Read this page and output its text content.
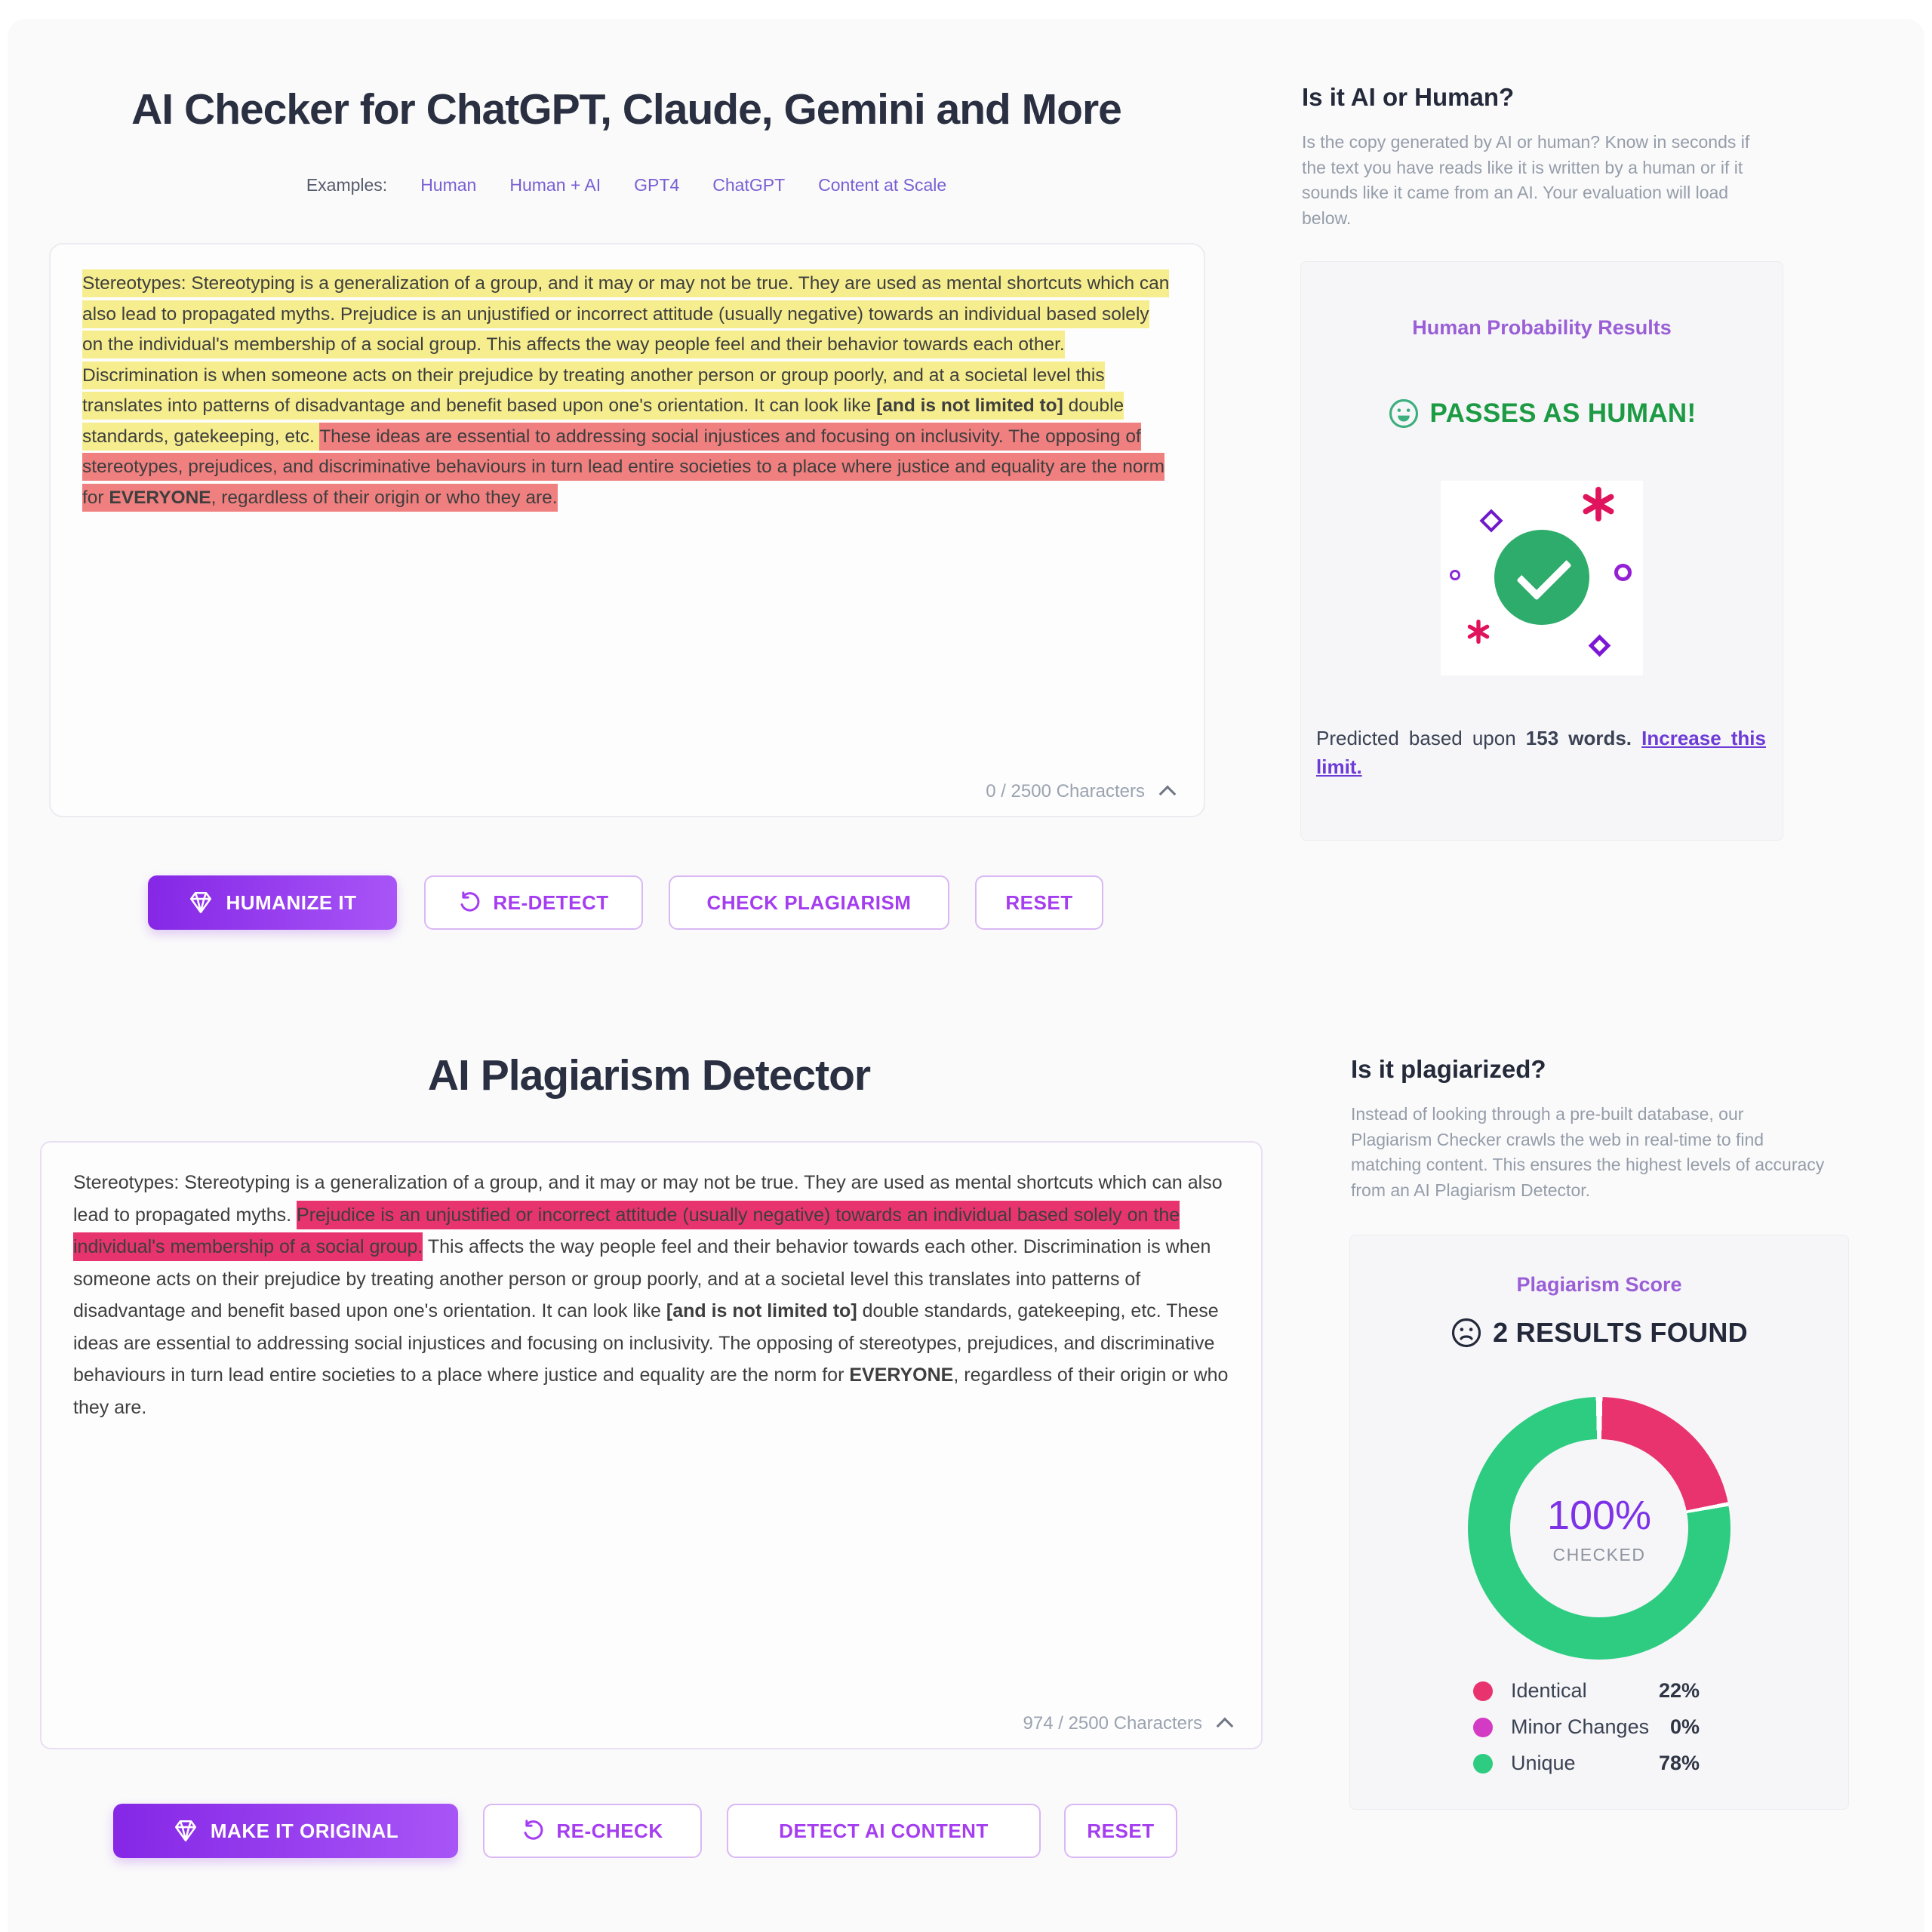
AI Checker for ChatGPT, Claude, Gemini and More
Examples: Human Human + AI GPT4 ChatGPT Content at Scale
Stereotypes: Stereotyping is a generalization of a group, and it may or may not be true. They are used as mental shortcuts which can also lead to propagated myths. Prejudice is an unjustified or incorrect attitude (usually negative) towards an individual based solely on the individual's membership of a social group. This affects the way people feel and their behavior towards each other. Discrimination is when someone acts on their prejudice by treating another person or group poorly, and at a societal level this translates into patterns of disadvantage and benefit based upon one's orientation. It can look like [and is not limited to] double standards, gatekeeping, etc. These ideas are essential to addressing social injustices and focusing on inclusivity. The opposing of stereotypes, prejudices, and discriminative behaviours in turn lead entire societies to a place where justice and equality are the norm for EVERYONE, regardless of their origin or who they are.
0 / 2500 Characters
HUMANIZE IT	RE-DETECT	CHECK PLAGIARISM	RESET
AI Plagiarism Detector
Stereotypes: Stereotyping is a generalization of a group, and it may or may not be true. They are used as mental shortcuts which can also lead to propagated myths. Prejudice is an unjustified or incorrect attitude (usually negative) towards an individual based solely on the individual's membership of a social group. This affects the way people feel and their behavior towards each other. Discrimination is when someone acts on their prejudice by treating another person or group poorly, and at a societal level this translates into patterns of disadvantage and benefit based upon one's orientation. It can look like [and is not limited to] double standards, gatekeeping, etc. These ideas are essential to addressing social injustices and focusing on inclusivity. The opposing of stereotypes, prejudices, and discriminative behaviours in turn lead entire societies to a place where justice and equality are the norm for EVERYONE, regardless of their origin or who they are.
974 / 2500 Characters
MAKE IT ORIGINAL	RE-CHECK	DETECT AI CONTENT	RESET
Is it AI or Human?

Is the copy generated by AI or human? Know in seconds if the text you have reads like it is written by a human or if it sounds like it came from an AI. Your evaluation will load below.

Human Probability Results
PASSES AS HUMAN!
Predicted based upon 153 words. Increase this limit.
Is it plagiarized?

Instead of looking through a pre-built database, our Plagiarism Checker crawls the web in real-time to find matching content. This ensures the highest levels of accuracy from an AI Plagiarism Detector.

Plagiarism Score
2 RESULTS FOUND
100%
CHECKED
Identical	22%
Minor Changes 0%
Unique	78%
